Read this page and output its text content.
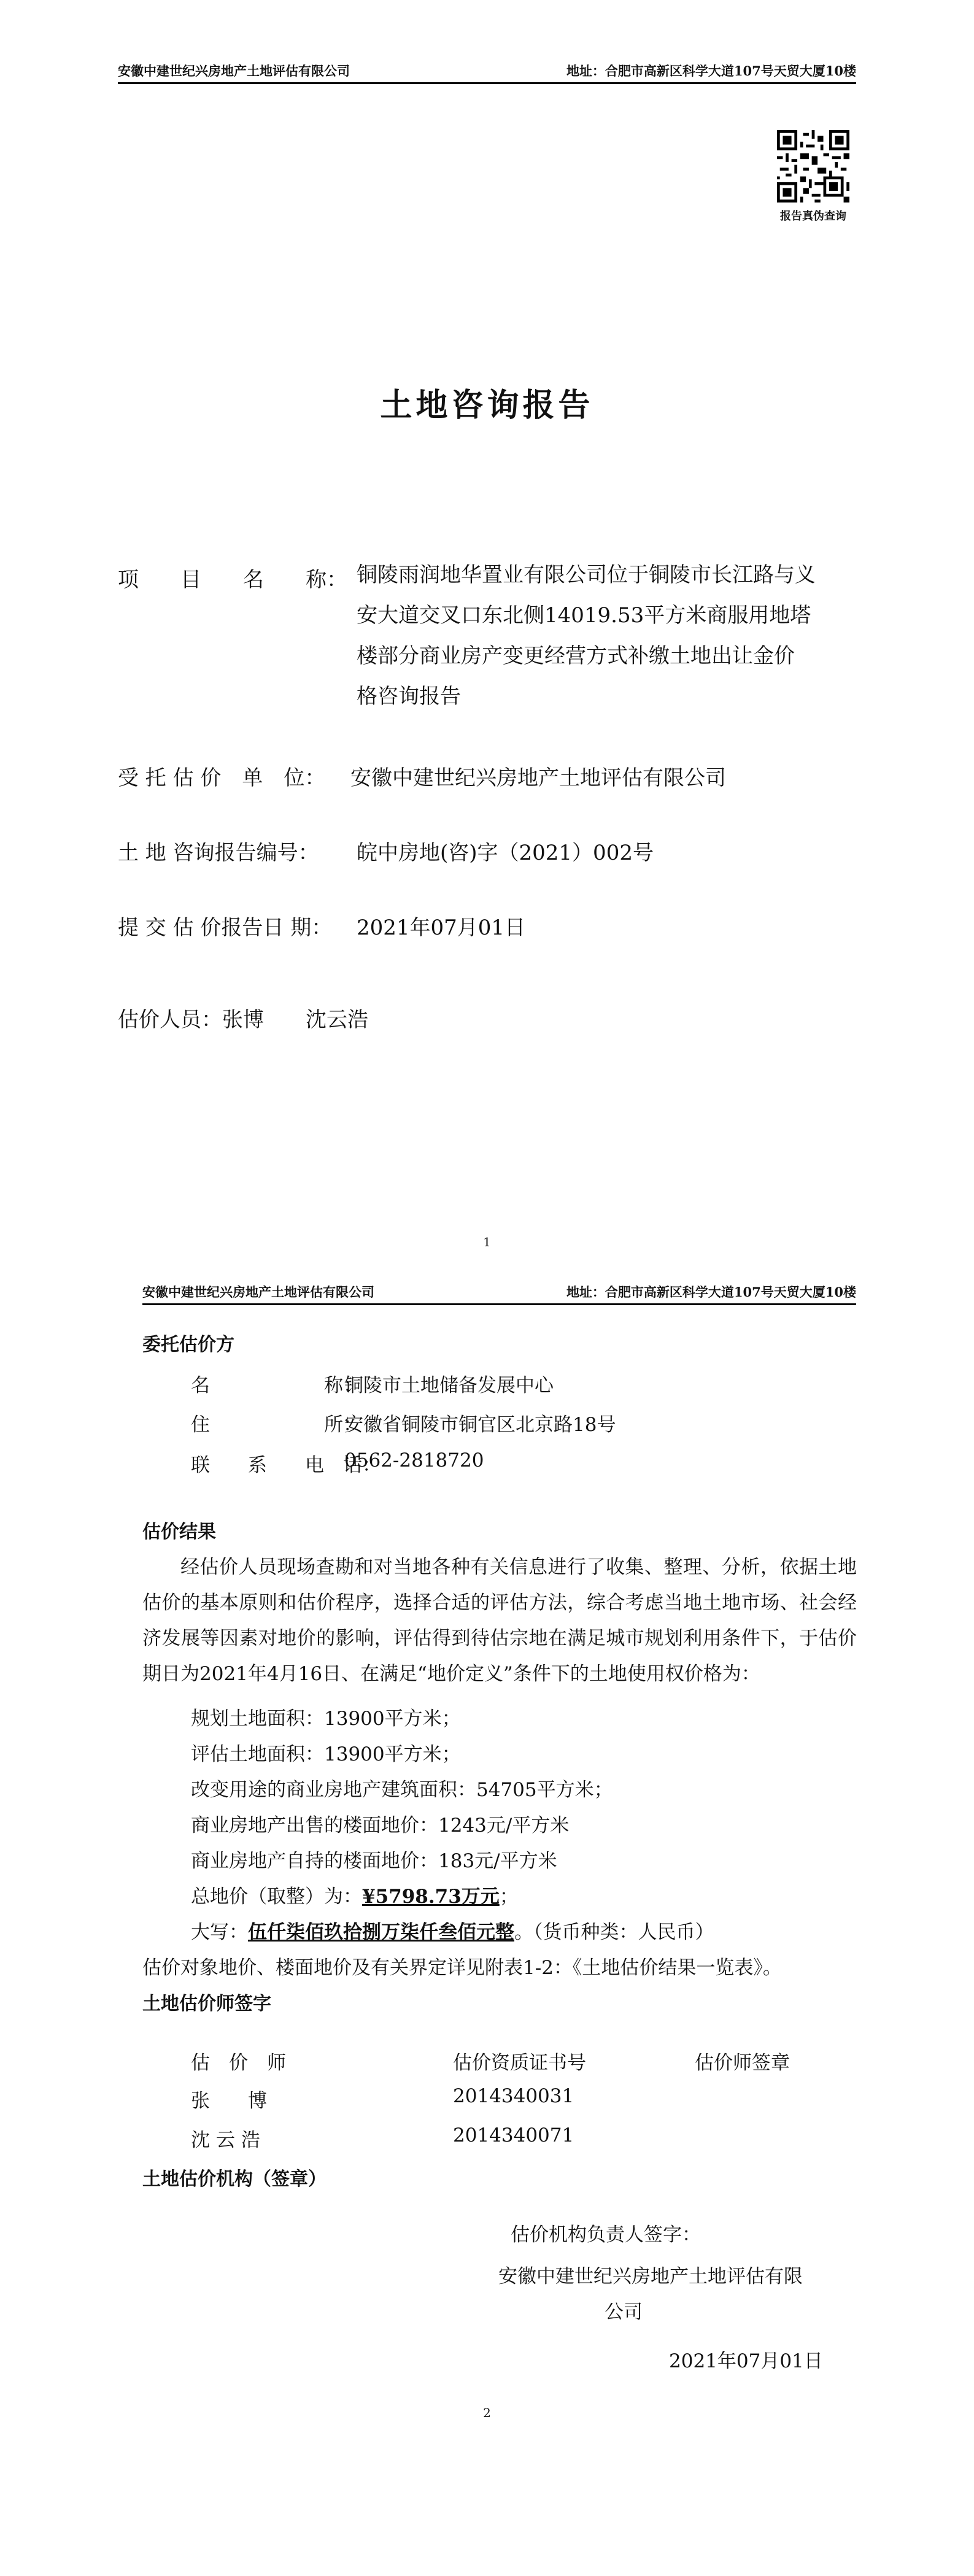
安徽中建世纪兴房地产土地评估有限公司	地址：合肥市高新区科学大道107号天贸大厦10楼
报告真伪查询
土地咨询报告
项　　目　　名　　称： 铜陵雨润地华置业有限公司位于铜陵市长江路与义
安大道交叉口东北侧14019.53平方米商服用地塔
楼部分商业房产变更经营方式补缴土地出让金价
格咨询报告
受 托 估 价　单　位： 安徽中建世纪兴房地产土地评估有限公司
土 地 咨询报告编号： 皖中房地(咨)字（2021）002号
提 交 估 价报告日 期： 2021年07月01日
估价人员：张博　　沈云浩
1
安徽中建世纪兴房地产土地评估有限公司	地址：合肥市高新区科学大道107号天贸大厦10楼
委托估价方
名　　　　　　称：
铜陵市土地储备发展中心
住　　　　　　所：
安徽省铜陵市铜官区北京路18号
联　　系　　电　话：
0562-2818720
估价结果
经估价人员现场查勘和对当地各种有关信息进行了收集、整理、分析，依据土地估价的基本原则和估价程序，选择合适的评估方法，综合考虑当地土地市场、社会经济发展等因素对地价的影响，评估得到待估宗地在满足城市规划利用条件下，于估价期日为2021年4月16日、在满足“地价定义”条件下的土地使用权价格为：
规划土地面积：13900平方米；
评估土地面积：13900平方米；
改变用途的商业房地产建筑面积：54705平方米；
商业房地产出售的楼面地价：1243元/平方米
商业房地产自持的楼面地价：183元/平方米
总地价（取整）为：¥5798.73万元；
大写：伍仟柒佰玖拾捌万柒仟叁佰元整。（货币种类：人民币）
估价对象地价、楼面地价及有关界定详见附表1-2：《土地估价结果一览表》。
土地估价师签字
估　价　师	估价资质证书号	估价师签章
张　　博	2014340031
沈 云 浩	2014340071
土地估价机构（签章）
估价机构负责人签字：
安徽中建世纪兴房地产土地评估有限
公司
2021年07月01日
2
